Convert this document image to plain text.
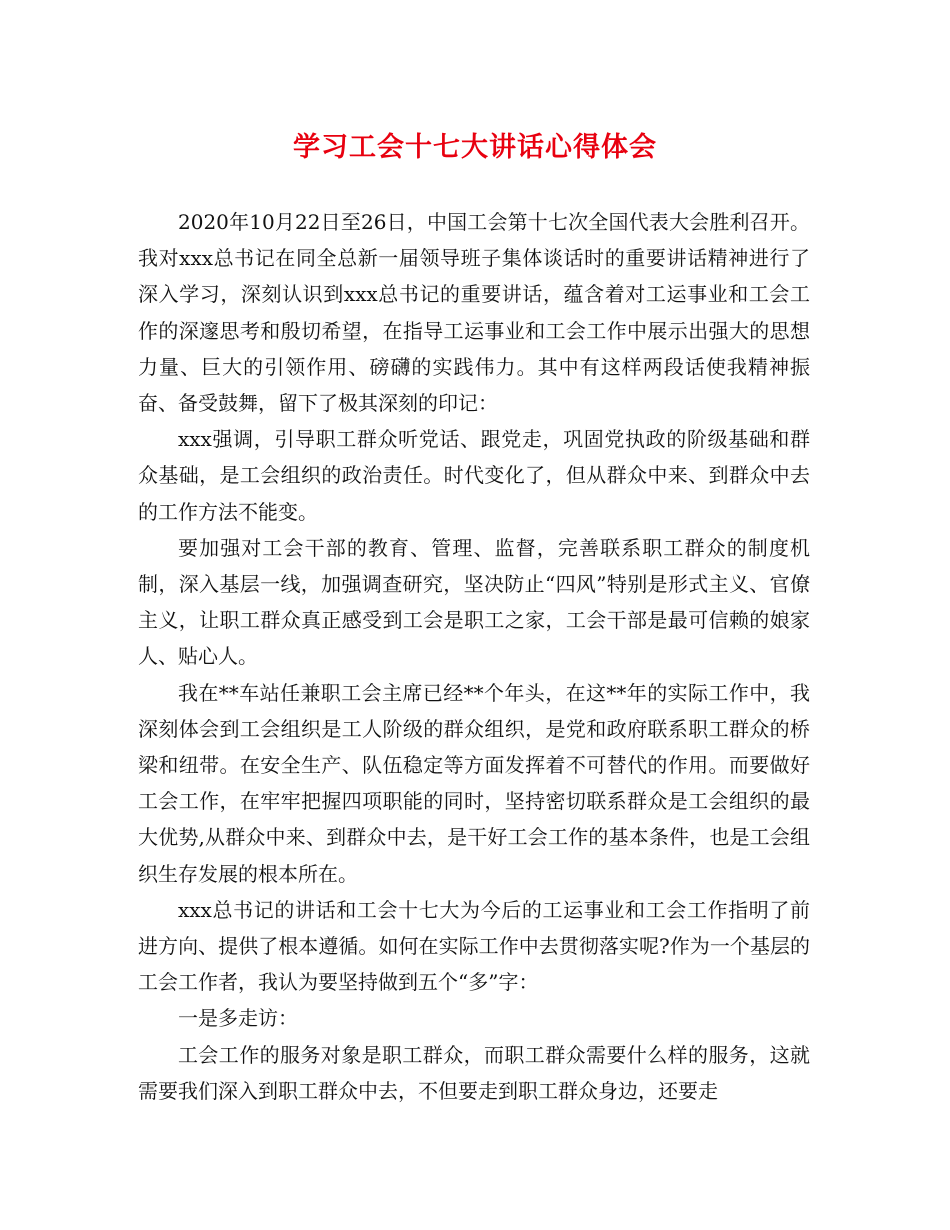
学习工会十七大讲话心得体会

2020年10月22日至26日，中国工会第十七次全国代表大会胜利召开。我对xxx总书记在同全总新一届领导班子集体谈话时的重要讲话精神进行了深入学习，深刻认识到xxx总书记的重要讲话，蕴含着对工运事业和工会工作的深邃思考和殷切希望，在指导工运事业和工会工作中展示出强大的思想力量、巨大的引领作用、磅礴的实践伟力。其中有这样两段话使我精神振奋、备受鼓舞，留下了极其深刻的印记：

xxx强调，引导职工群众听党话、跟党走，巩固党执政的阶级基础和群众基础，是工会组织的政治责任。时代变化了，但从群众中来、到群众中去的工作方法不能变。

要加强对工会干部的教育、管理、监督，完善联系职工群众的制度机制，深入基层一线，加强调查研究，坚决防止“四风”特别是形式主义、官僚主义，让职工群众真正感受到工会是职工之家，工会干部是最可信赖的娘家人、贴心人。

我在**车站任兼职工会主席已经**个年头，在这**年的实际工作中，我深刻体会到工会组织是工人阶级的群众组织，是党和政府联系职工群众的桥梁和纽带。在安全生产、队伍稳定等方面发挥着不可替代的作用。而要做好工会工作，在牢牢把握四项职能的同时，坚持密切联系群众是工会组织的最大优势,从群众中来、到群众中去，是干好工会工作的基本条件，也是工会组织生存发展的根本所在。

xxx总书记的讲话和工会十七大为今后的工运事业和工会工作指明了前进方向、提供了根本遵循。如何在实际工作中去贯彻落实呢?作为一个基层的工会工作者，我认为要坚持做到五个“多”字：

一是多走访：

工会工作的服务对象是职工群众，而职工群众需要什么样的服务，这就需要我们深入到职工群众中去，不但要走到职工群众身边，还要走
